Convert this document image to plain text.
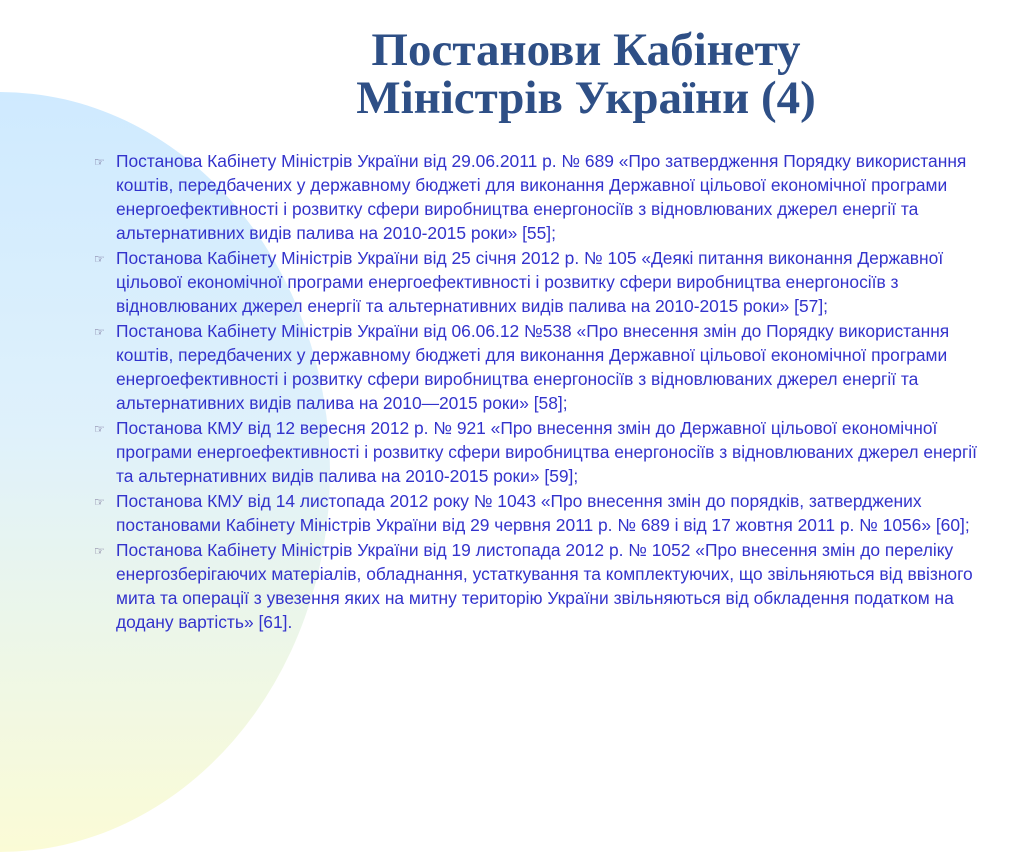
Постанови Кабінету
Міністрів України (4)
☞ Постанова Кабінету Міністрів України від 29.06.2011 р. № 689 «Про затвердження Порядку використання коштів, передбачених у державному бюджеті для виконання Державної цільової економічної програми енергоефективності і розвитку сфери виробництва енергоносіїв з відновлюваних джерел енергії та альтернативних видів палива на 2010-2015 роки» [55];
☞ Постанова Кабінету Міністрів України від 25 січня 2012 р. № 105 «Деякі питання виконання Державної цільової економічної програми енергоефективності і розвитку сфери виробництва енергоносіїв з відновлюваних джерел енергії та альтернативних видів палива на 2010-2015 роки» [57];
☞ Постанова Кабінету Міністрів України від 06.06.12 №538 «Про внесення змін до Порядку використання коштів, передбачених у державному бюджеті для виконання Державної цільової економічної програми енергоефективності і розвитку сфери виробництва енергоносіїв з відновлюваних джерел енергії та альтернативних видів палива на 2010—2015 роки» [58];
☞ Постанова КМУ від 12 вересня 2012 р. № 921 «Про внесення змін до Державної цільової економічної програми енергоефективності і розвитку сфери виробництва енергоносіїв з відновлюваних джерел енергії та альтернативних видів палива на 2010-2015 роки» [59];
☞ Постанова КМУ від 14 листопада 2012 року № 1043 «Про внесення змін до порядків, затверджених постановами Кабінету Міністрів України від 29 червня 2011 р. № 689 і від 17 жовтня 2011 р. № 1056» [60];
☞ Постанова Кабінету Міністрів України від 19 листопада 2012 р. № 1052 «Про внесення змін до переліку енергозберігаючих матеріалів, обладнання, устаткування та комплектуючих, що звільняються від ввізного мита та операції з увезення яких на митну територію України звільняються від обкладення податком на додану вартість» [61].
